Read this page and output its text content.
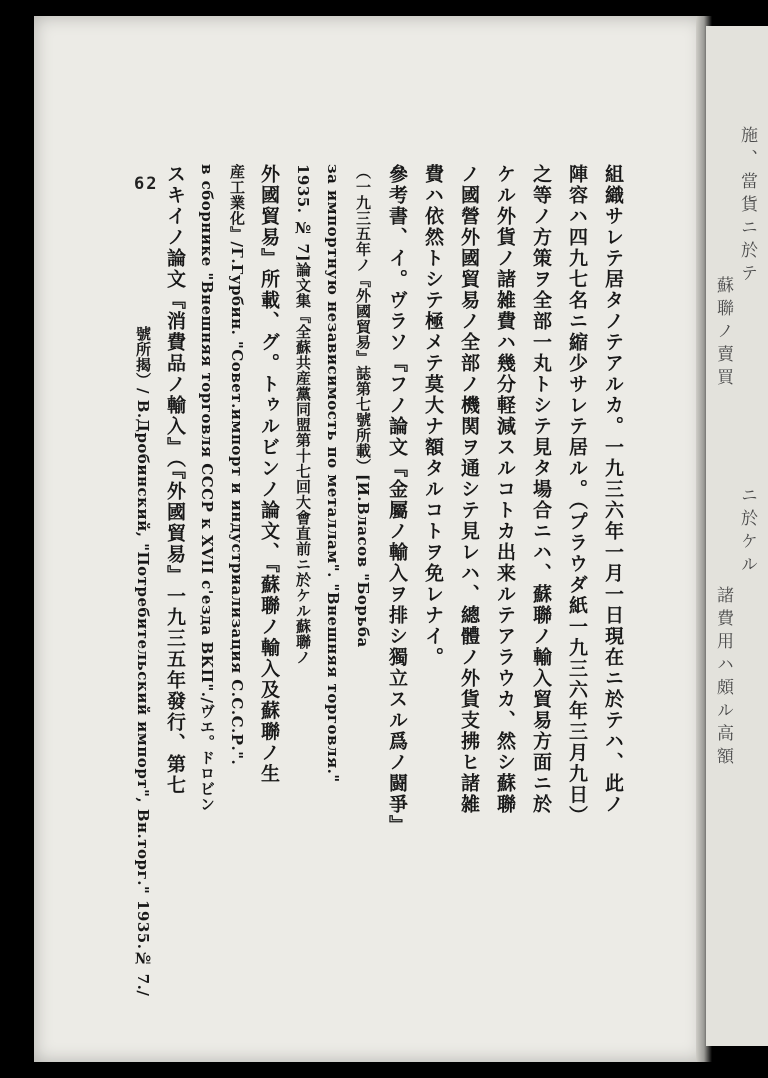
62	組織サレテ居タノテアルカ。一九三六年一月一日現在ニ於テハ、此ノ
陣容ハ四九七名ニ縮少サレテ居ル。（プラウダ紙一九三六年三月九日）
之等ノ方策ヲ全部一丸トシテ見タ場合ニハ、蘇聯ノ輸入貿易方面ニ於
ケル外貨ノ諸雑費ハ幾分軽減スルコトカ出来ルテアラウカ、然シ蘇聯
ノ國營外國貿易ノ全部ノ機関ヲ通シテ見レハ、總體ノ外貨支拂ヒ諸雑
費ハ依然トシテ極メテ莫大ナ額タルコトヲ免レナイ。
參考書、イ。ヴラソ『フノ論文『金屬ノ輸入ヲ排シ獨立スル爲ノ闘爭』
（一九三五年ノ『外國貿易』誌第七號所載）[И.Власов "Борьба
за импортную независимость по металлам". "Внешняя торговля."
1935. № 7]論文集『全蘇共産黨同盟第十七回大會直前ニ於ケル蘇聯ノ
外國貿易』所載、グ。トゥルビンノ論文、『蘇聯ノ輸入及蘇聯ノ生
産工業化』/Г.Гурбин. "Совет.импорт и индустриализация С.С.С.Р.".
в сборнике "Внешняя торговля СССР к XVII с'езда ВКП"./ヴエ。ドロビン
スキイノ論文『消費品ノ輸入』（『外國貿易』一九三五年發行、第七
號所揭）/ В.Дробинский, "Потребительский импорт", Вн.торг." 1935.№ 7./
施、當貨ニ於テ
蘇聯ノ賣買
ニ於ケル
諸費用ハ頗ル高額
